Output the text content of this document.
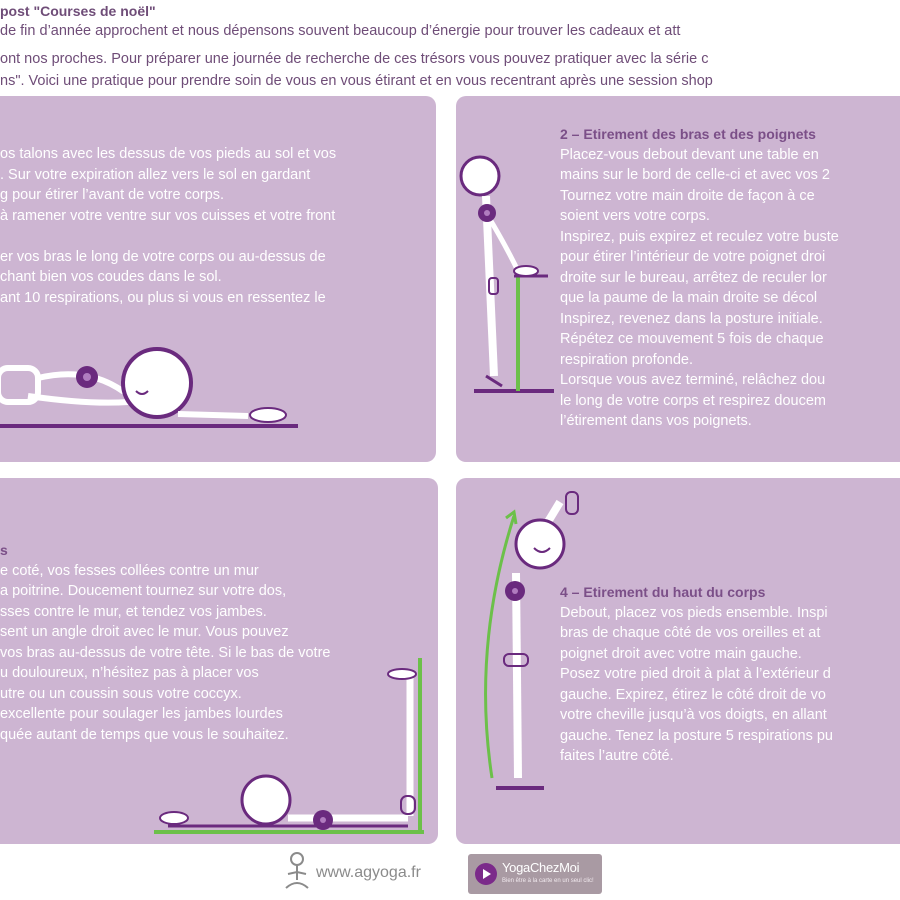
post "Courses de noël"
de fin d’année approchent et nous dépensons souvent beaucoup d’énergie pour trouver les cadeaux et att
ont nos proches. Pour préparer une journée de recherche de ces trésors vous pouvez pratiquer avec la série c
ns". Voici une pratique pour prendre soin de vous en vous étirant et en vous recentrant après une session shop
os talons avec les dessus de vos pieds au sol et vos
. Sur votre expiration allez vers le sol en gardant
g pour étirer l’avant de votre corps.
à ramener votre ventre sur vos cuisses et votre front
er vos bras le long de votre corps ou au-dessus de
chant bien vos coudes dans le sol.
ant 10 respirations, ou plus si vous en ressentez le
2 – Etirement des bras et des poignets
Placez-vous debout devant une table en
mains sur le bord de celle-ci et avec vos 2
Tournez votre main droite de façon à ce
soient vers votre corps.
Inspirez, puis expirez et reculez votre buste
pour étirer l’intérieur de votre poignet droi
droite sur le bureau, arrêtez de reculer lor
que la paume de la main droite se décol
Inspirez, revenez dans la posture initiale.
Répétez ce mouvement 5 fois de chaque
respiration profonde.
Lorsque vous avez terminé, relâchez dou
le long de votre corps et respirez doucem
l’étirement dans vos poignets.
s
e coté, vos fesses collées contre un mur
a poitrine. Doucement tournez sur votre dos,
sses contre le mur, et tendez vos jambes.
sent un angle droit avec le mur. Vous pouvez
vos bras au-dessus de votre tête. Si le bas de votre
u douloureux, n’hésitez pas à placer vos
utre ou un coussin sous votre coccyx.
excellente pour soulager les jambes lourdes
quée autant de temps que vous le souhaitez.
4 – Etirement du haut du corps
Debout, placez vos pieds ensemble. Inspi
bras de chaque côté de vos oreilles et at
poignet droit avec votre main gauche.
Posez votre pied droit à plat à l’extérieur d
gauche. Expirez, étirez le côté droit de vo
votre cheville jusqu’à vos doigts, en allant
gauche. Tenez la posture 5 respirations pu
faites l’autre côté.
www.agyoga.fr	YogaChezMoi
Bien être à la carte en un seul clic!
